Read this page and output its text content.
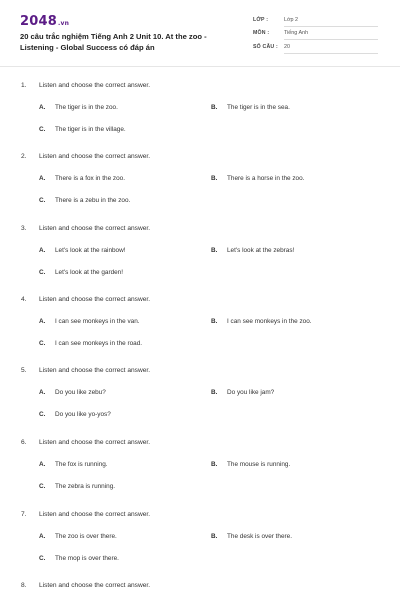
2048.vn
20 câu trắc nghiệm Tiếng Anh 2 Unit 10. At the zoo - Listening - Global Success có đáp án
LỚP :	Lớp 2
MÔN :	Tiếng Anh
SỐ CÂU : 20
1. Listen and choose the correct answer.
A. The tiger is in the zoo.	B. The tiger is in the sea.
C. The tiger is in the village.
2. Listen and choose the correct answer.
A. There is a fox in the zoo.	B. There is a horse in the zoo.
C. There is a zebu in the zoo.
3. Listen and choose the correct answer.
A. Let's look at the rainbow!	B. Let's look at the zebras!
C. Let's look at the garden!
4. Listen and choose the correct answer.
A. I can see monkeys in the van.	B. I can see monkeys in the zoo.
C. I can see monkeys in the road.
5. Listen and choose the correct answer.
A. Do you like zebu?	B. Do you like jam?
C. Do you like yo-yos?
6. Listen and choose the correct answer.
A. The fox is running.	B. The mouse is running.
C. The zebra is running.
7. Listen and choose the correct answer.
A. The zoo is over there.	B. The desk is over there.
C. The mop is over there.
8. Listen and choose the correct answer.
